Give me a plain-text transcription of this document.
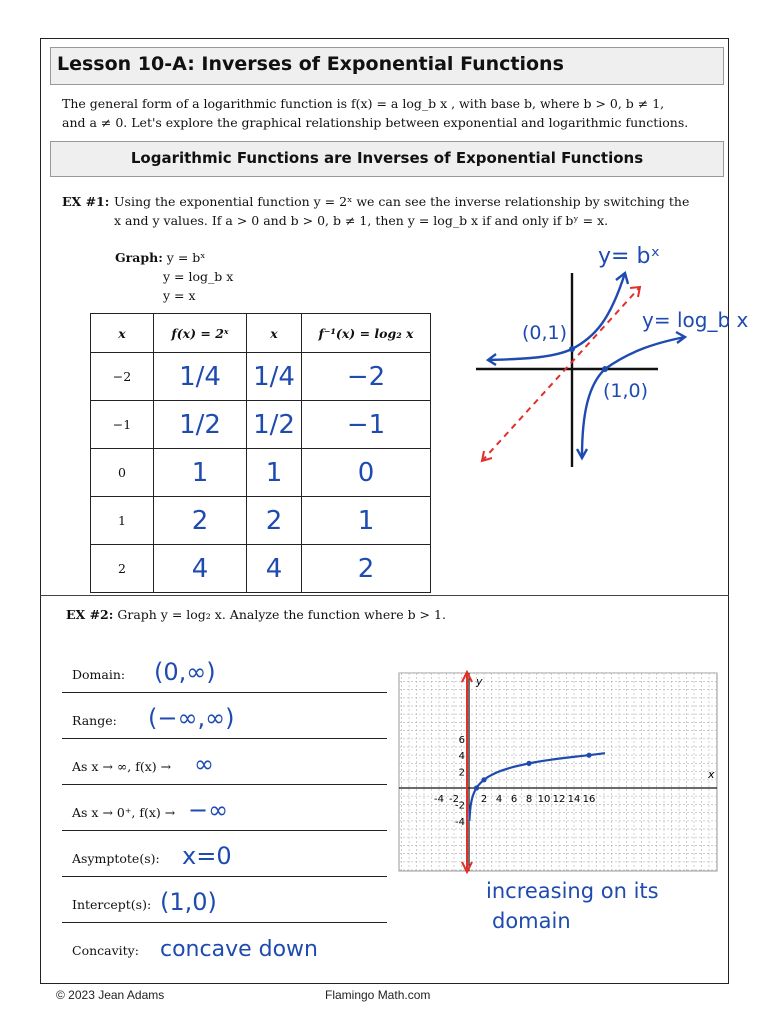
Lesson 10-A: Inverses of Exponential Functions
The general form of a logarithmic function is f(x) = a log_b x , with base b, where b > 0, b ≠ 1,
and a ≠ 0. Let's explore the graphical relationship between exponential and logarithmic functions.
Logarithmic Functions are Inverses of Exponential Functions
EX #1: Using the exponential function y = 2ˣ we can see the inverse relationship by switching the
x and y values. If a > 0 and b > 0, b ≠ 1, then y = log_b x if and only if bʸ = x.
Graph: y = bˣ
y = log_b x
y = x
x	f(x) = 2ˣ	x	f⁻¹(x) = log₂ x
−2	1/4	1/4	−2
−1	1/2	1/2	−1
0	1	1	0
1	2	2	1
2	4	4	2
y= bˣ
y= log_b x
(0,1)
(1,0)
EX #2: Graph y = log₂ x. Analyze the function where b > 1.
Domain: (0,∞)
Range: (−∞,∞)
As x → ∞, f(x) → ∞
As x → 0⁺, f(x) → −∞
Asymptote(s): x=0
Intercept(s): (1,0)
Concavity: concave down
-4 -2 2 4 6 8 10 12 14 16
6
4
2
-2
-4
x
y
increasing on its
domain
© 2023 Jean Adams	Flamingo Math.com
